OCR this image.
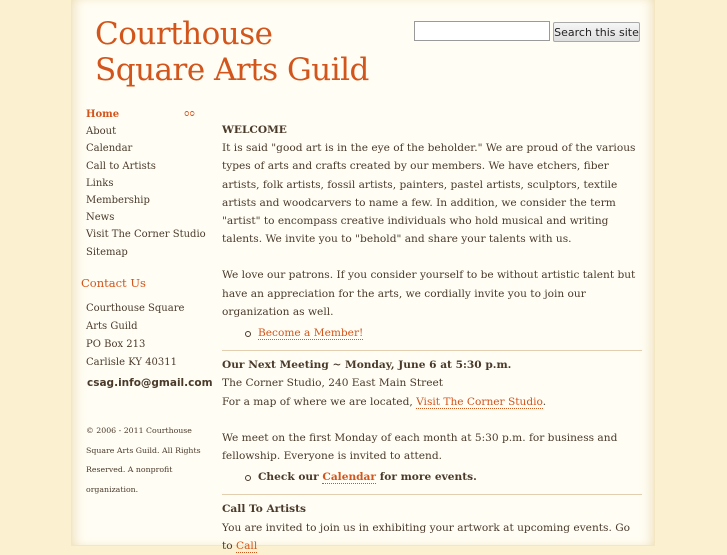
Courthouse
Square Arts Guild
Search this site
Home
About
Calendar
Call to Artists
Links
Membership
News
Visit The Corner Studio
Sitemap
ೲ
Contact Us
Courthouse Square
Arts Guild
PO Box 213
Carlisle KY 40311
csag.info@gmail.com
© 2006 - 2011 Courthouse Square Arts Guild. All Rights Reserved. A nonprofit organization.
WELCOME

It is said "good art is in the eye of the beholder." We are proud of the various types of arts and crafts created by our members. We have etchers, fiber artists, folk artists, fossil artists, painters, pastel artists, sculptors, textile artists and woodcarvers to name a few. In addition, we consider the term "artist" to encompass creative individuals who hold musical and writing talents. We invite you to "behold" and share your talents with us.

We love our patrons. If you consider yourself to be without artistic talent but have an appreciation for the arts, we cordially invite you to join our organization as well.

Become a Member!
Our Next Meeting ~ Monday, June 6 at 5:30 p.m.

The Corner Studio, 240 East Main Street

For a map of where we are located, Visit The Corner Studio.

We meet on the first Monday of each month at 5:30 p.m. for business and fellowship. Everyone is invited to attend.

Check our Calendar for more events.
Call To Artists

You are invited to join us in exhibiting your artwork at upcoming events. Go to Call
